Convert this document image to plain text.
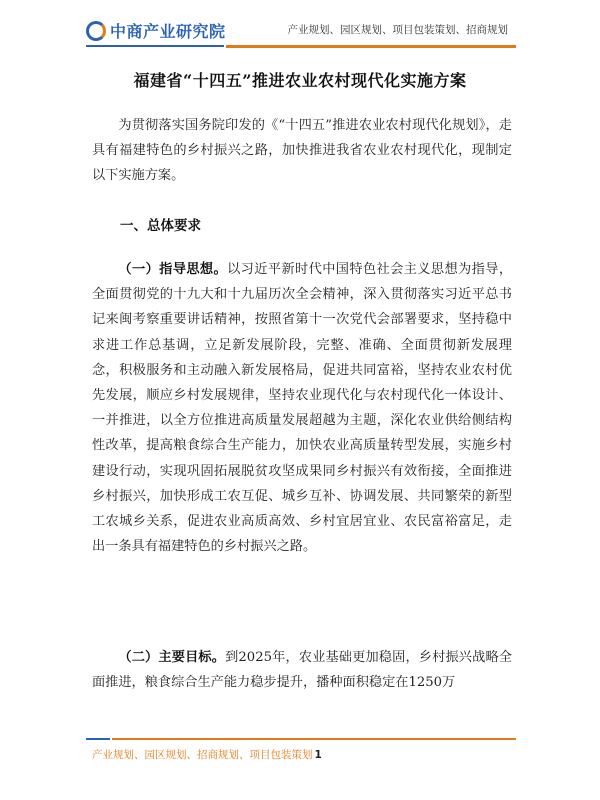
中商产业研究院	产业规划、园区规划、项目包装策划、招商规划
福建省“十四五”推进农业农村现代化实施方案

为贯彻落实国务院印发的《“十四五”推进农业农村现代化规划》，走具有福建特色的乡村振兴之路，加快推进我省农业农村现代化，现制定以下实施方案。

一、总体要求

（一）指导思想。以习近平新时代中国特色社会主义思想为指导，全面贯彻党的十九大和十九届历次全会精神，深入贯彻落实习近平总书记来闽考察重要讲话精神，按照省第十一次党代会部署要求，坚持稳中求进工作总基调，立足新发展阶段，完整、准确、全面贯彻新发展理念，积极服务和主动融入新发展格局，促进共同富裕，坚持农业农村优先发展，顺应乡村发展规律，坚持农业现代化与农村现代化一体设计、一并推进，以全方位推进高质量发展超越为主题，深化农业供给侧结构性改革，提高粮食综合生产能力，加快农业高质量转型发展，实施乡村建设行动，实现巩固拓展脱贫攻坚成果同乡村振兴有效衔接，全面推进乡村振兴，加快形成工农互促、城乡互补、协调发展、共同繁荣的新型工农城乡关系，促进农业高质高效、乡村宜居宜业、农民富裕富足，走出一条具有福建特色的乡村振兴之路。

（二）主要目标。到2025年，农业基础更加稳固，乡村振兴战略全面推进，粮食综合生产能力稳步提升，播种面积稳定在1250万

产业规划、园区规划、招商规划、项目包装策划 1
